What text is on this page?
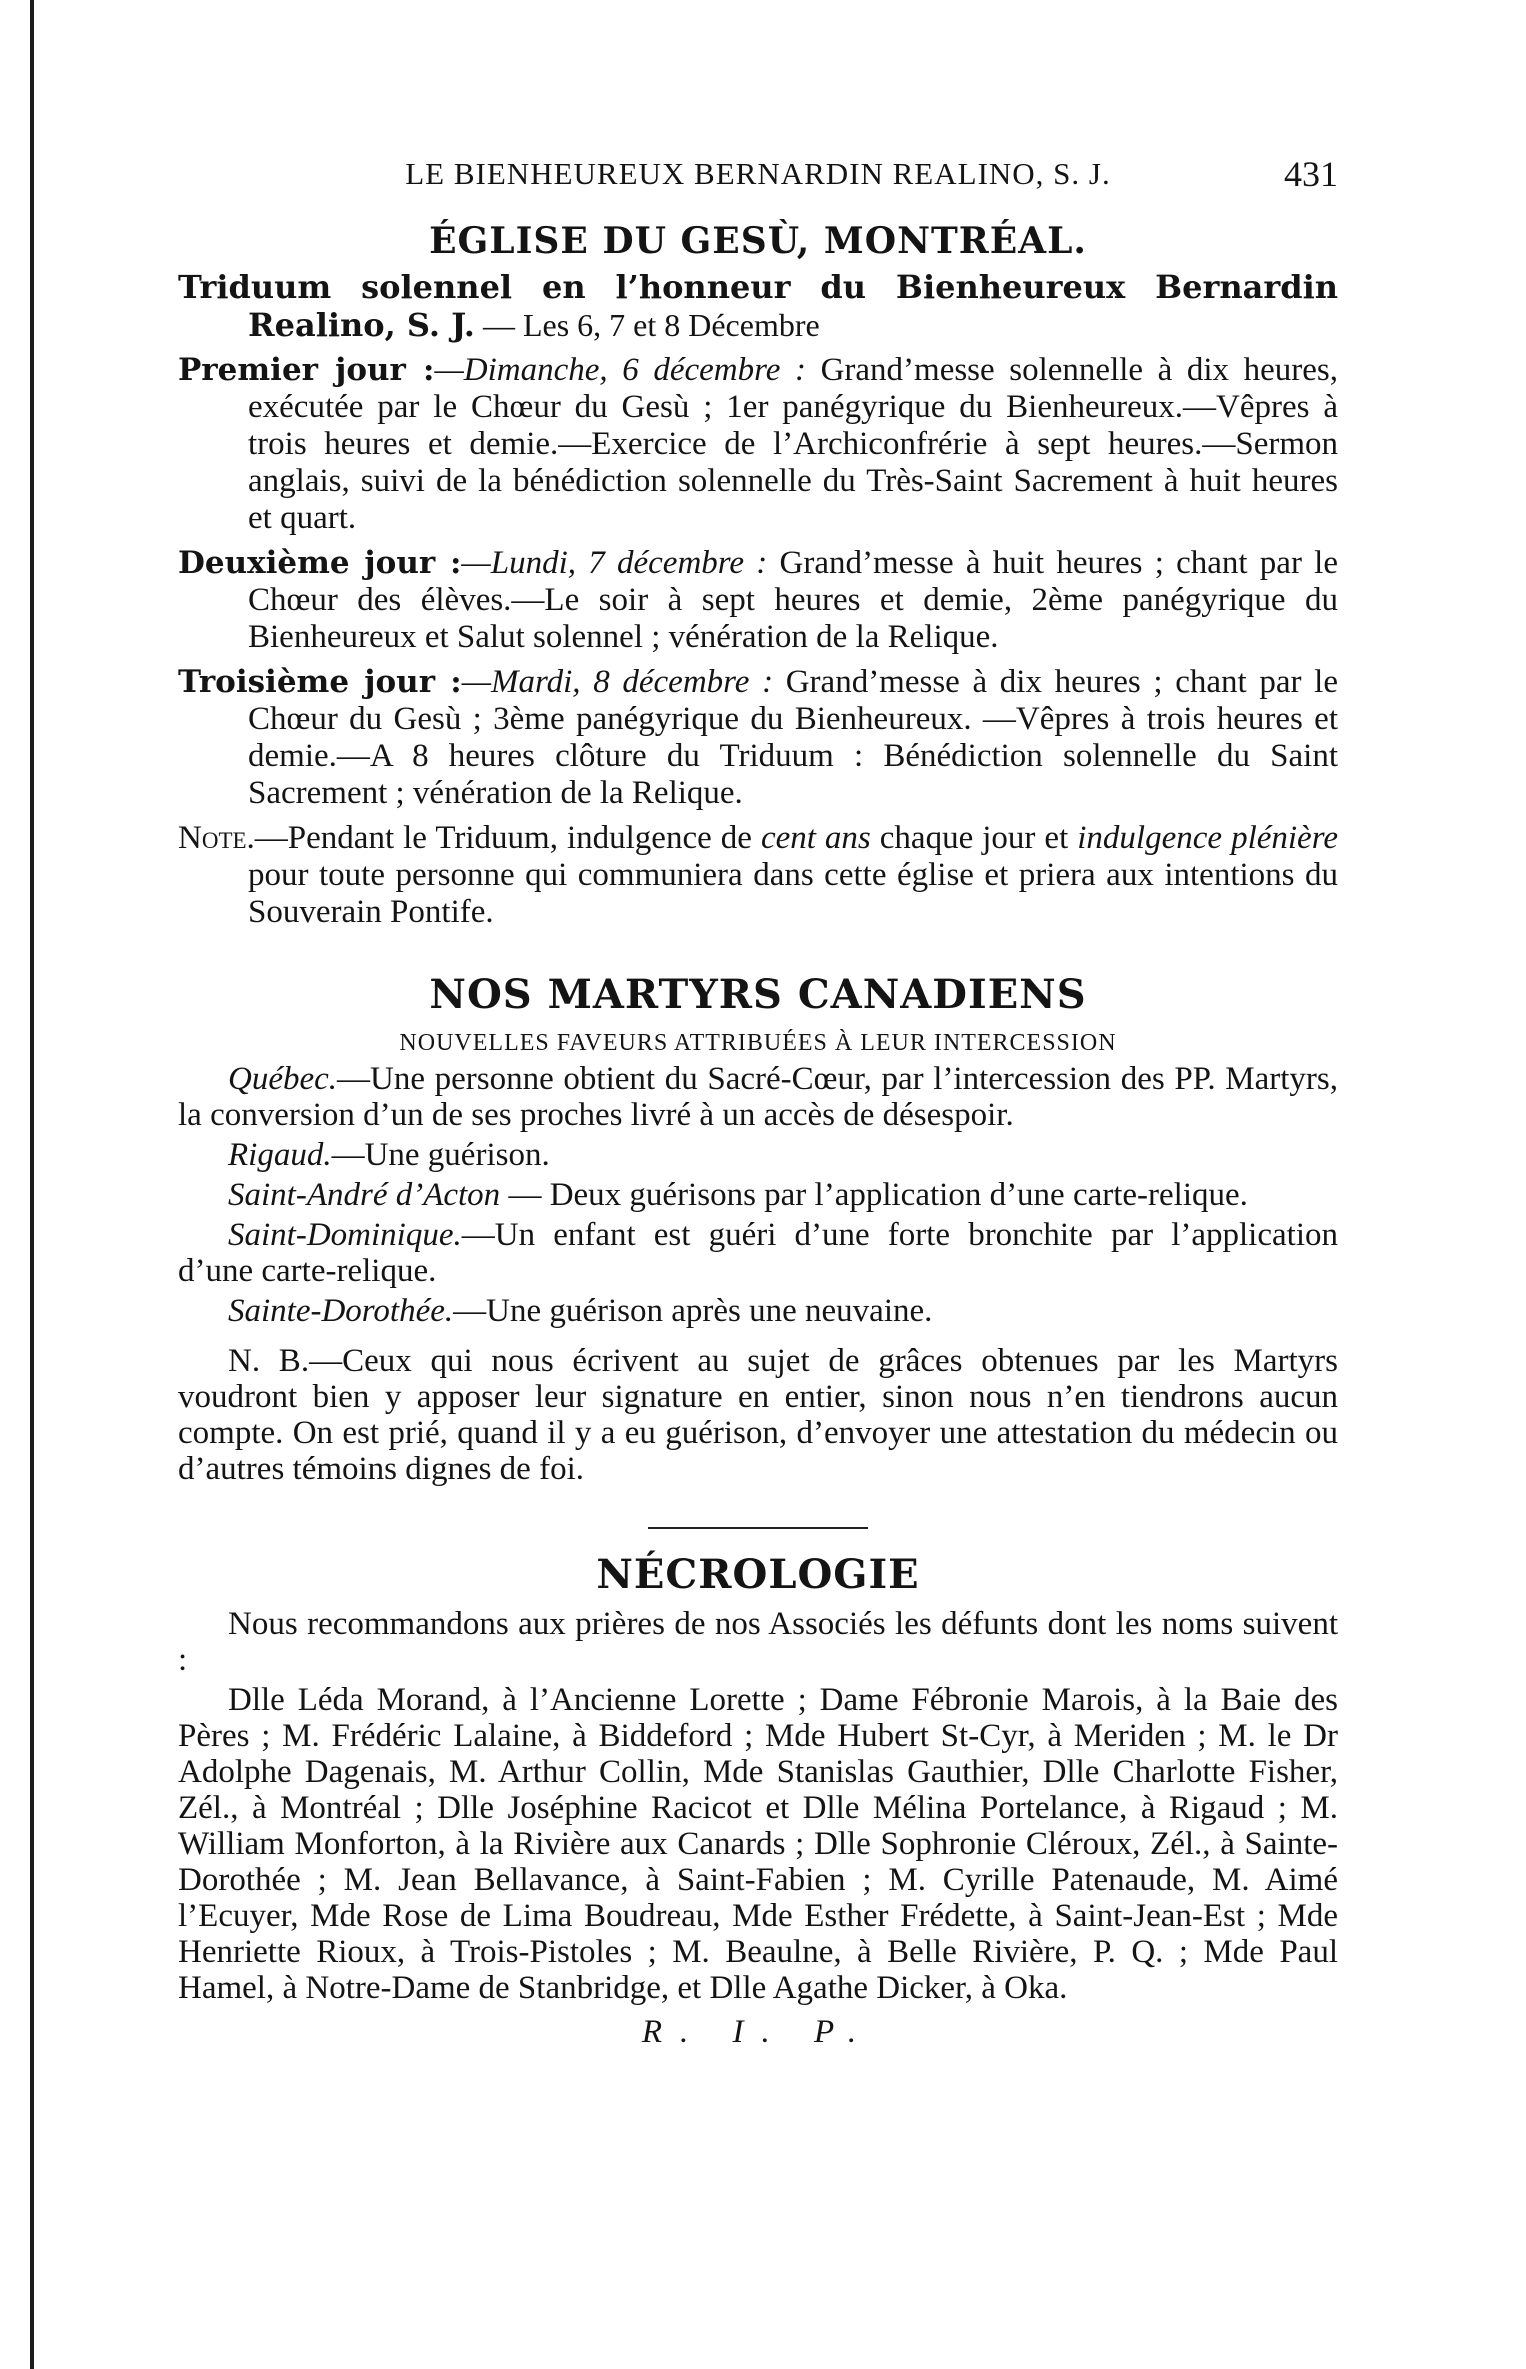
LE BIENHEUREUX BERNARDIN REALINO, S. J.	431
ÉGLISE DU GESÙ, MONTRÉAL.

Triduum solennel en l’honneur du Bienheureux Bernardin Realino, S. J. — Les 6, 7 et 8 Décembre

Premier jour :—Dimanche, 6 décembre : Grand’messe solennelle à dix heures, exécutée par le Chœur du Gesù ; 1er panégyrique du Bienheureux.—Vêpres à trois heures et demie.—Exercice de l’Archiconfrérie à sept heures.—Sermon anglais, suivi de la bénédiction solennelle du Très-Saint Sacrement à huit heures et quart.

Deuxième jour :—Lundi, 7 décembre : Grand’messe à huit heures ; chant par le Chœur des élèves.—Le soir à sept heures et demie, 2ème panégyrique du Bienheureux et Salut solennel ; vénération de la Relique.

Troisième jour :—Mardi, 8 décembre : Grand’messe à dix heures ; chant par le Chœur du Gesù ; 3ème panégyrique du Bienheureux. —Vêpres à trois heures et demie.—A 8 heures clôture du Triduum : Bénédiction solennelle du Saint Sacrement ; vénération de la Relique.

Note.—Pendant le Triduum, indulgence de cent ans chaque jour et indulgence plénière pour toute personne qui communiera dans cette église et priera aux intentions du Souverain Pontife.

NOS MARTYRS CANADIENS
NOUVELLES FAVEURS ATTRIBUÉES À LEUR INTERCESSION

Québec.—Une personne obtient du Sacré-Cœur, par l’intercession des PP. Martyrs, la conversion d’un de ses proches livré à un accès de désespoir.

Rigaud.—Une guérison.

Saint-André d’Acton — Deux guérisons par l’application d’une carte-relique.

Saint-Dominique.—Un enfant est guéri d’une forte bronchite par l’application d’une carte-relique.

Sainte-Dorothée.—Une guérison après une neuvaine.

N. B.—Ceux qui nous écrivent au sujet de grâces obtenues par les Martyrs voudront bien y apposer leur signature en entier, sinon nous n’en tiendrons aucun compte. On est prié, quand il y a eu guérison, d’envoyer une attestation du médecin ou d’autres témoins dignes de foi.

NÉCROLOGIE

Nous recommandons aux prières de nos Associés les défunts dont les noms suivent :

Dlle Léda Morand, à l’Ancienne Lorette ; Dame Fébronie Marois, à la Baie des Pères ; M. Frédéric Lalaine, à Biddeford ; Mde Hubert St-Cyr, à Meriden ; M. le Dr Adolphe Dagenais, M. Arthur Collin, Mde Stanislas Gauthier, Dlle Charlotte Fisher, Zél., à Montréal ; Dlle Joséphine Racicot et Dlle Mélina Portelance, à Rigaud ; M. William Monforton, à la Rivière aux Canards ; Dlle Sophronie Cléroux, Zél., à Sainte-Dorothée ; M. Jean Bellavance, à Saint-Fabien ; M. Cyrille Patenaude, M. Aimé l’Ecuyer, Mde Rose de Lima Boudreau, Mde Esther Frédette, à Saint-Jean-Est ; Mde Henriette Rioux, à Trois-Pistoles ; M. Beaulne, à Belle Rivière, P. Q. ; Mde Paul Hamel, à Notre-Dame de Stanbridge, et Dlle Agathe Dicker, à Oka.

R. I. P.
